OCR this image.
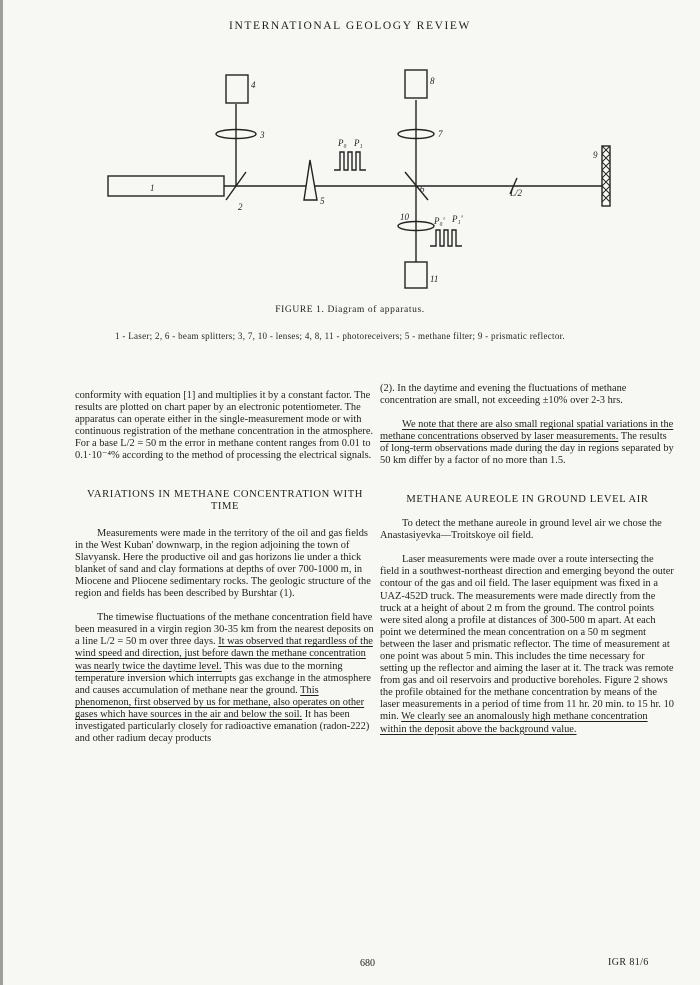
INTERNATIONAL GEOLOGY REVIEW
1
2
3
4
5
6
7
8
9
10
11
P₀ P₁
P₀' P₁'
L/2
FIGURE 1. Diagram of apparatus.
1 - Laser; 2, 6 - beam splitters; 3, 7, 10 - lenses; 4, 8, 11 - photoreceivers; 5 - methane filter; 9 - prismatic reflector.

conformity with equation [1] and multiplies it by a constant factor. The results are plotted on chart paper by an electronic potentiometer. The apparatus can operate either in the single-measurement mode or with continuous registration of the methane concentration in the atmosphere. For a base L/2 = 50 m the error in methane content ranges from 0.01 to 0.1·10⁻⁴% according to the method of processing the electrical signals.

VARIATIONS IN METHANE CONCENTRATION WITH TIME

Measurements were made in the territory of the oil and gas fields in the West Kuban' downwarp, in the region adjoining the town of Slavyansk. Here the productive oil and gas horizons lie under a thick blanket of sand and clay formations at depths of over 700-1000 m, in Miocene and Pliocene sedimentary rocks. The geologic structure of the region and fields has been described by Burshtar (1).

The timewise fluctuations of the methane concentration field have been measured in a virgin region 30-35 km from the nearest deposits on a line L/2 = 50 m over three days. It was observed that regardless of the wind speed and direction, just before dawn the methane concentration was nearly twice the daytime level. This was due to the morning temperature inversion which interrupts gas exchange in the atmosphere and causes accumulation of methane near the ground. This phenomenon, first observed by us for methane, also operates on other gases which have sources in the air and below the soil. It has been investigated particularly closely for radioactive emanation (radon-222) and other radium decay products

(2). In the daytime and evening the fluctuations of methane concentration are small, not exceeding ±10% over 2-3 hrs.

We note that there are also small regional spatial variations in the methane concentrations observed by laser measurements. The results of long-term observations made during the day in regions separated by 50 km differ by a factor of no more than 1.5.

METHANE AUREOLE IN GROUND LEVEL AIR

To detect the methane aureole in ground level air we chose the Anastasiyevka—Troitskoye oil field.

Laser measurements were made over a route intersecting the field in a southwest-northeast direction and emerging beyond the outer contour of the gas and oil field. The laser equipment was fixed in a UAZ-452D truck. The measurements were made directly from the truck at a height of about 2 m from the ground. The control points were sited along a profile at distances of 300-500 m apart. At each point we determined the mean concentration on a 50 m segment between the laser and prismatic reflector. The time of measurement at one point was about 5 min. This includes the time necessary for setting up the reflector and aiming the laser at it. The track was remote from gas and oil reservoirs and productive boreholes. Figure 2 shows the profile obtained for the methane concentration by means of the laser measurements in a period of time from 11 hr. 20 min. to 15 hr. 10 min. We clearly see an anomalously high methane concentration within the deposit above the background value.

680	IGR 81/6
